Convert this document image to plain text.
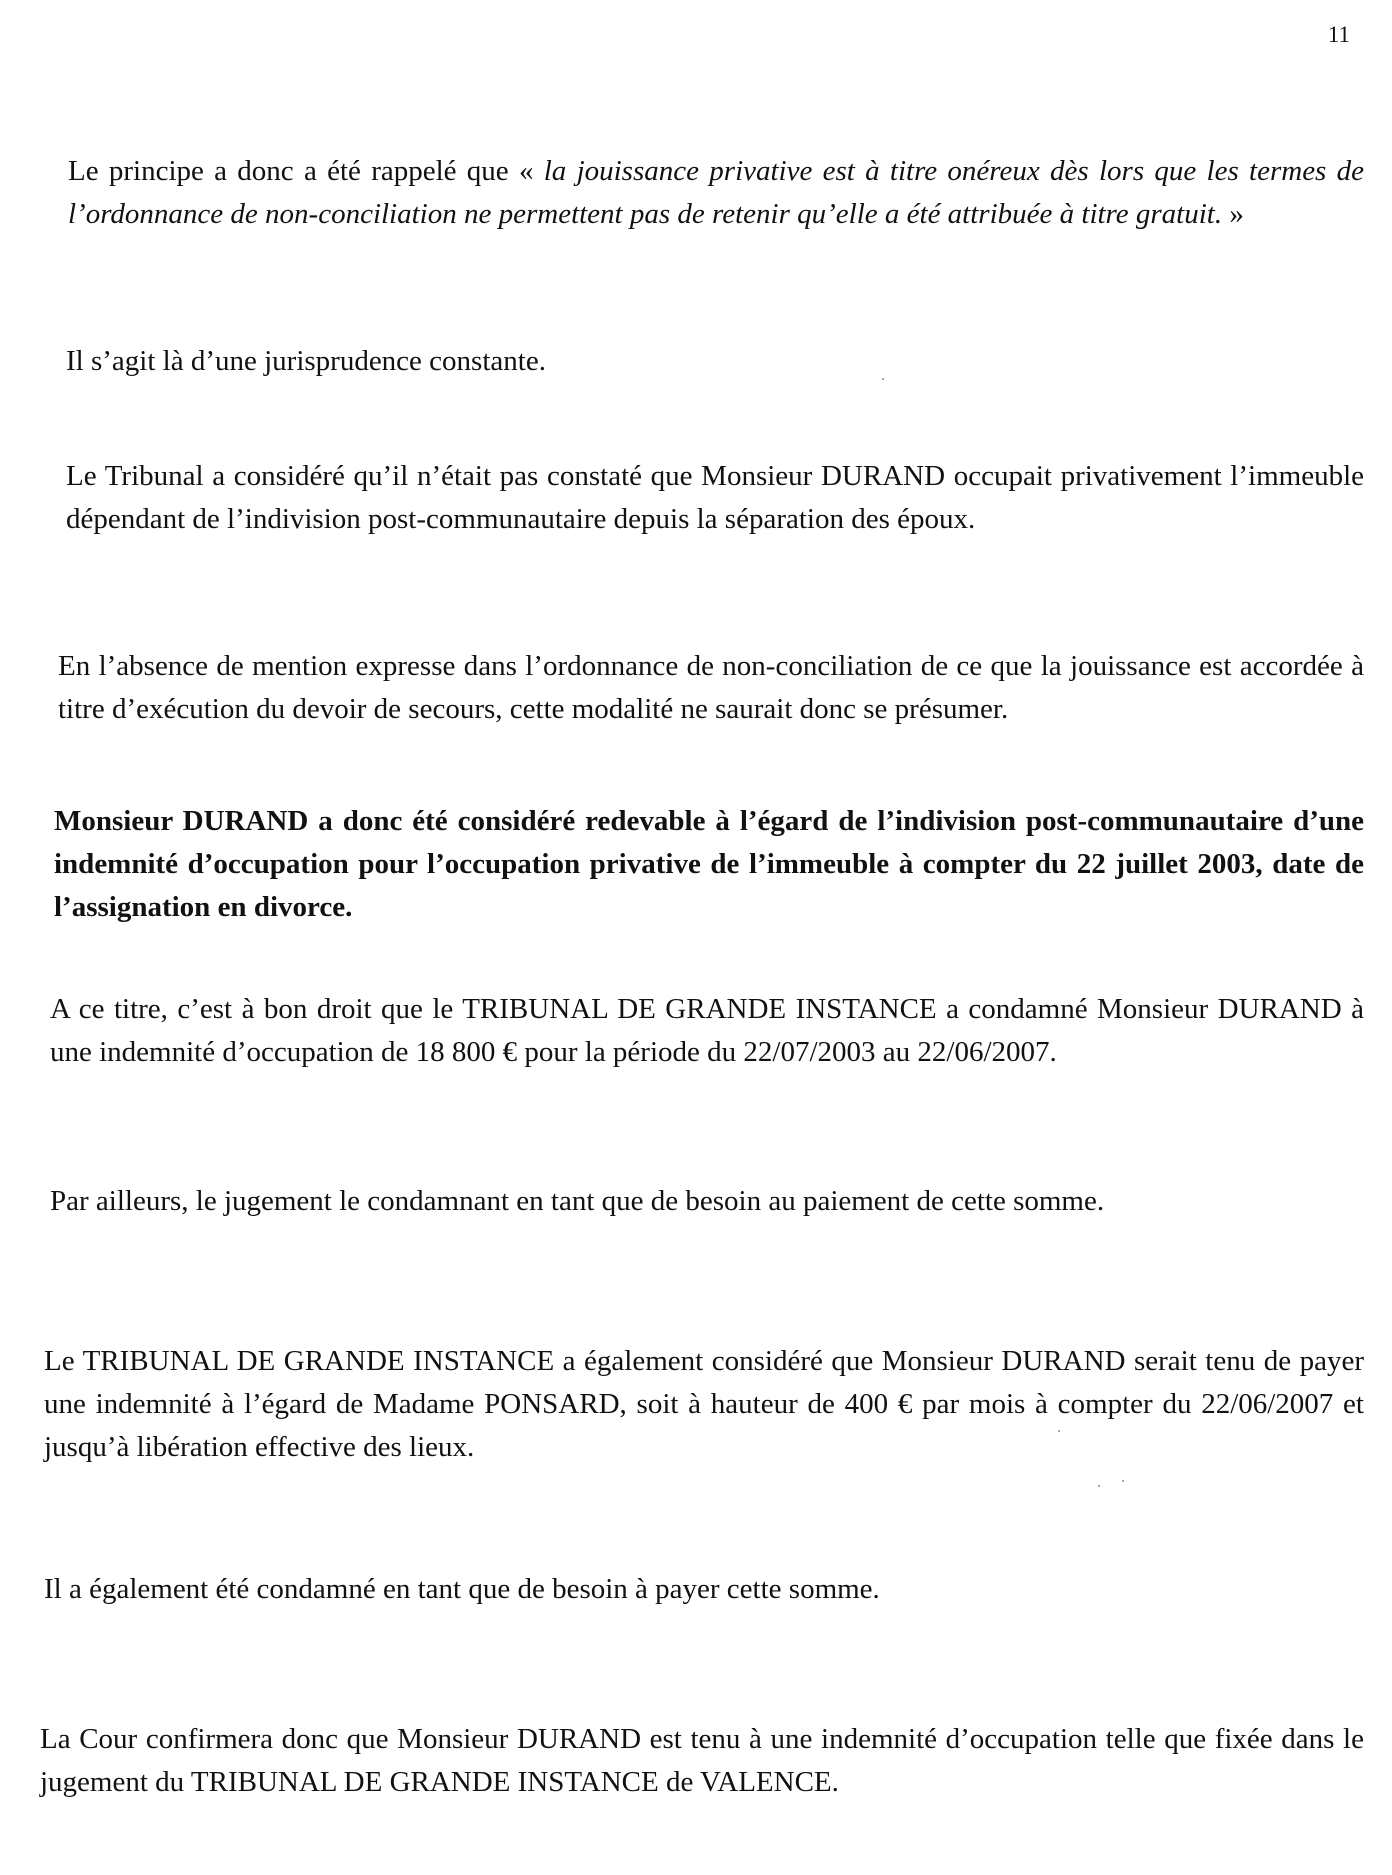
11

Le principe a donc a été rappelé que « la jouissance privative est à titre onéreux dès lors que les termes de l’ordonnance de non-conciliation ne permettent pas de retenir qu’elle a été attribuée à titre gratuit. »

Il s’agit là d’une jurisprudence constante.

Le Tribunal a considéré qu’il n’était pas constaté que Monsieur DURAND occupait privativement l’immeuble dépendant de l’indivision post-communautaire depuis la séparation des époux.

En l’absence de mention expresse dans l’ordonnance de non-conciliation de ce que la jouissance est accordée à titre d’exécution du devoir de secours, cette modalité ne saurait donc se présumer.

Monsieur DURAND a donc été considéré redevable à l’égard de l’indivision post-communautaire d’une indemnité d’occupation pour l’occupation privative de l’immeuble à compter du 22 juillet 2003, date de l’assignation en divorce.

A ce titre, c’est à bon droit que le TRIBUNAL DE GRANDE INSTANCE a condamné Monsieur DURAND à une indemnité d’occupation de 18 800 € pour la période du 22/07/2003 au 22/06/2007.

Par ailleurs, le jugement le condamnant en tant que de besoin au paiement de cette somme.

Le TRIBUNAL DE GRANDE INSTANCE a également considéré que Monsieur DURAND serait tenu de payer une indemnité à l’égard de Madame PONSARD, soit à hauteur de 400 € par mois à compter du 22/06/2007 et jusqu’à libération effective des lieux.

Il a également été condamné en tant que de besoin à payer cette somme.

La Cour confirmera donc que Monsieur DURAND est tenu à une indemnité d’occupation telle que fixée dans le jugement du TRIBUNAL DE GRANDE INSTANCE de VALENCE.
